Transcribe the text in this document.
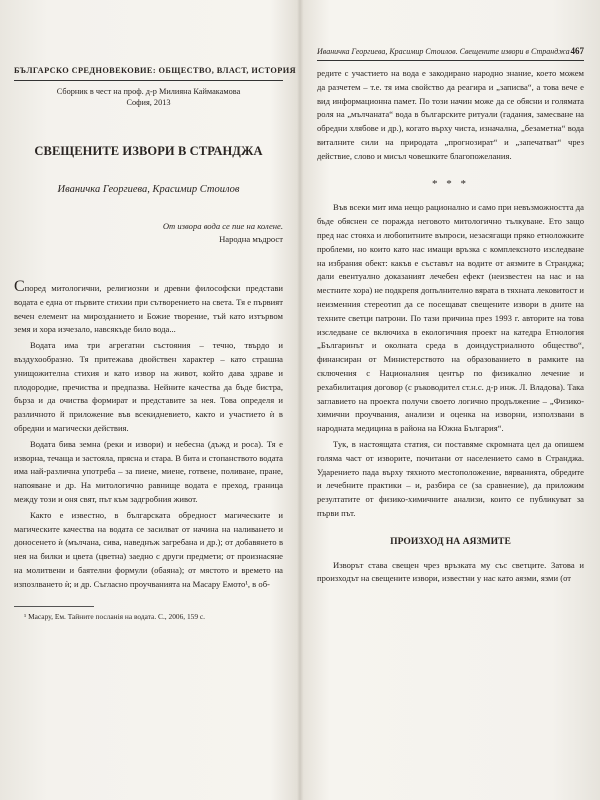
БЪЛГАРСКО СРЕДНОВЕКОВИЕ: ОБЩЕСТВО, ВЛАСТ, ИСТОРИЯ
Сборник в чест на проф. д-р Милияна Каймакамова
София, 2013
СВЕЩЕНИТЕ ИЗВОРИ В СТРАНДЖА
Иваничка Георгиева, Красимир Стоилов
От извора вода се пие на колене.
Народна мъдрост

Според митологични, религиозни и древни философски представи водата е една от първите стихии при сътворението на света. Тя е първият вечен елемент на мирозданието и Божие творение, тъй като изтървом земя и хора изчезало, навсякъде било вода...

Водата има три агрегатни състояния – течно, твърдо и въздухообразно. Тя притежава двойствен характер – като страшна унищожителна стихия и като извор на живот, който дава здраве и плодородие, пречиства и предпазва. Нейните качества да бъде бистра, бърза и да очиства формират и представите за нея. Това определя и различното й приложение във всекидневието, както и участието ѝ в обредни и магически действия.

Водата бива земна (реки и извори) и небесна (дъжд и роса). Тя е изворна, течаща и застояла, прясна и стара. В бита и стопанството водата има най-различна употреба – за пиене, миене, готвене, поливане, пране, напояване и др. На митологично равнище водата е преход, граница между този и оня свят, път към задгробния живот.

Както е известно, в българската обредност магическите и магическите качества на водата се засилват от начина на наливането и доносенето ѝ (мълчана, сива, наведнъж загребана и др.); от добавянето в нея на билки и цвета (цветна) заедно с други предмети; от произнасяне на молитвени и баятелни формули (обаяна); от мястото и времето на изпозлването ѝ; и др. Съгласно проучванията на Масару Емото¹, в об-

¹ Масару, Ем. Тайните посланія на водата. С., 2006, 159 с.
Иваничка Георгиева, Красимир Стоилов. Свещените извори в Странджа 467

редите с участието на вода е закодирано народно знание, което можем да разчетем – т.е. тя има свойство да реагира и „записва“, а това вече е вид информационна памет. По този начин може да се обясни и голямата роля на „мълчаната“ вода в българските ритуали (гадания, замесване на обредни хлябове и др.), когато върху чиста, изначална, „безаметна“ вода виталните сили на природата „прогнозират“ и „запечатват“ чрез действие, слово и мисъл човешките благопожелания.

* * *

Във всеки мит има нещо рационално и само при невъзможността да бъде обяснен се поражда неговото митологично тълкуване. Ето защо пред нас стояха и любопитните въпроси, незасягащи пряко етноложките проблеми, но които като нас имащи връзка с комплексното изследване на избрания обект: какъв е съставът на водите от аязмите в Странджа; дали евентуално доказаният лечебен ефект (неизвестен на нас и на местните хора) не подкрепя допълнително вярата в тяхната лековитост и неизменния стереотип да се посещават свещените извори в дните на техните светци патрони. По тази причина през 1993 г. авторите на това изследване се включиха в екологичния проект на катедра Етнология „Българинът и околната среда в доиндустриалното общество“, финансиран от Министерството на образованието в рамките на сключения с Националния център по физикално лечение и рехабилитация договор (с ръководител ст.н.с. д-р инж. Л. Владова). Така заглавието на проекта получи своето логично продължение – „Физико-химични проучвания, анализи и оценка на изворни, използвани в народната медицина в района на Южна България“.

Тук, в настоящата статия, си поставяме скромната цел да опишем голяма част от изворите, почитани от населението само в Странджа. Ударението пада върху тяхното местоположение, вярванията, обредите и лечебните практики – и, разбира се (за сравнение), да приложим резултатите от физико-химичните анализи, които се публикуват за първи път.

ПРОИЗХОД НА АЯЗМИТЕ

Изворът става свещен чрез връзката му със светците. Затова и произходът на свещените извори, известни у нас като аязми, язми (от
